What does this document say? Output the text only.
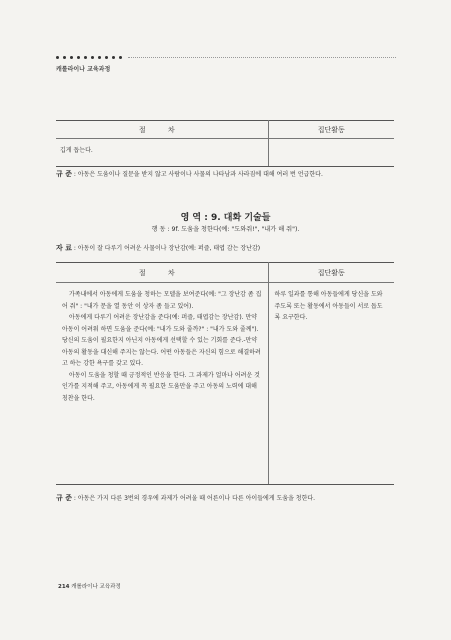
캐롤라이나 교육과정
절 차	집단활동
깁게 돕는다.	
규 준 : 아동은 도움이나 질문을 받지 않고 사람이나 사물의 나타남과 사라짐에 대해 여러 번 언급한다.
영 역 : 9. 대화 기술들
행 동 : 9f. 도움을 청한다(예: "도와줘!", "내가 해 줘").
자 료 : 아동이 잘 다루기 어려운 사물이나 장난감(예: 퍼즐, 태엽 감는 장난감)
절 차	집단활동

가족내에서 아동에게 도움을 청하는 모델을 보여준다(예: "그 장난감 좀 집어 줘" : "내가 문을 열 동안 이 상자 좀 들고 있어).

아동에게 다루기 어려운 장난감을 준다(예: 퍼즐, 태엽감는 장난감). 만약 아동이 어려워 하면 도움을 준다(예: "내가 도와 줄까?" : "내가 도와 줄께"). 당신의 도움이 필요한지 아닌지 아동에게 선택할 수 있는 기회를 준다.-만약 아동의 활동을 대신해 주지는 않는다. 어떤 아동들은 자신의 힘으로 해결하려고 하는 강한 욕구를 갖고 있다.

아동이 도움을 청할 때 긍정적인 반응을 한다. 그 과제가 얼마나 어려운 것인가를 지적해 주고, 아동에게 꼭 필요한 도움만을 주고 아동의 노력에 대해 칭찬을 한다.	하루 일과를 통해 아동들에게 당신을 도와 주도록 또는 활동에서 아동들이 서로 돕도록 요구한다.

규 준 : 아동은 가지 다른 3번의 경우에 과제가 어려울 때 어른이나 다른 아이들에게 도움을 청한다.
214 캐롤라이나 교육과정
